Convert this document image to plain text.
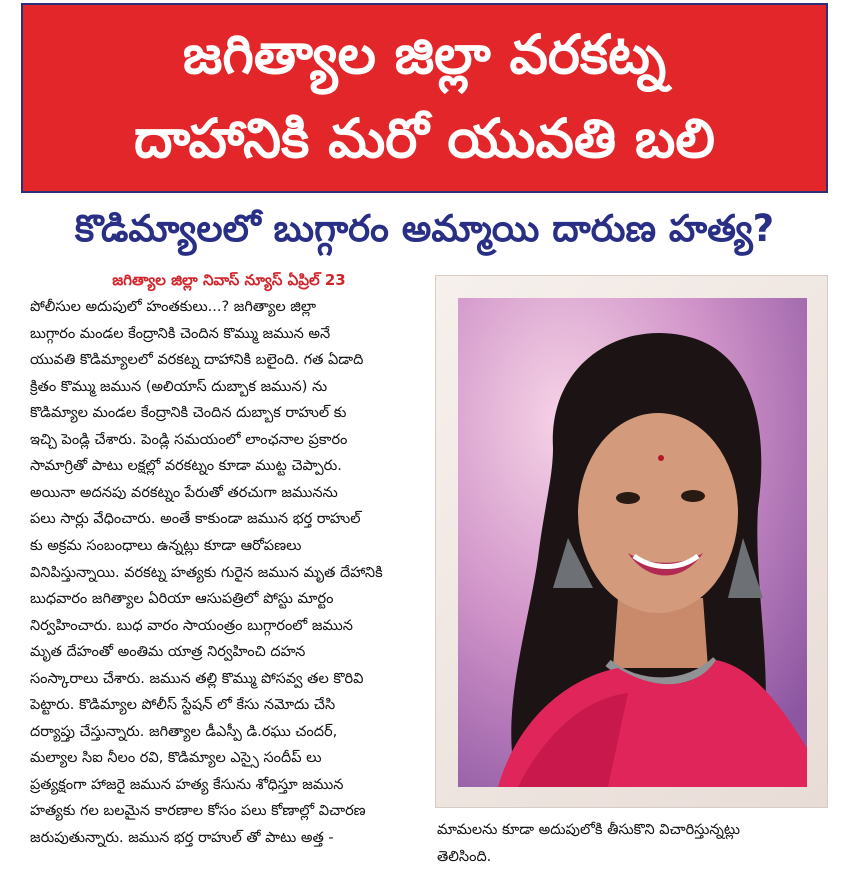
జగిత్యాల జిల్లా వరకట్న
దాహానికి మరో యువతి బలి
కొడిమ్యాలలో బుగ్గారం అమ్మాయి దారుణ హత్య?
జగిత్యాల జిల్లా నివాస్ న్యూస్ ఏప్రిల్ 23
పోలీసుల అదుపులో హంతకులు...? జగిత్యాల జిల్లా
బుగ్గారం మండల కేంద్రానికి చెందిన కొమ్ము జమున అనే
యువతి కొడిమ్యాలలో వరకట్న దాహానికి బలైంది. గత ఏడాది
క్రితం కొమ్ము జమున (అలియాస్ దుబ్బాక జమున) ను
కొడిమ్యాల మండల కేంద్రానికి చెందిన దుబ్బాక రాహుల్ కు
ఇచ్చి పెండ్లి చేశారు. పెండ్లి సమయంలో లాంఛనాల ప్రకారం
సామాగ్రితో పాటు లక్షల్లో వరకట్నం కూడా ముట్ట చెప్పారు.
అయినా అదనపు వరకట్నం పేరుతో తరచుగా జమునను
పలు సార్లు వేధించారు. అంతే కాకుండా జమున భర్త రాహుల్
కు అక్రమ సంబంధాలు ఉన్నట్లు కూడా ఆరోపణలు
వినిపిస్తున్నాయి. వరకట్న హత్యకు గురైన జమున మృత దేహానికి
బుధవారం జగిత్యాల ఏరియా ఆసుపత్రిలో పోస్టు మార్టం
నిర్వహించారు. బుధ వారం సాయంత్రం బుగ్గారంలో జమున
మృత దేహంతో అంతిమ యాత్ర నిర్వహించి దహన
సంస్కారాలు చేశారు. జమున తల్లి కొమ్ము పోసవ్వ తల కొరివి
పెట్టారు. కొడిమ్యాల పోలీస్ స్టేషన్ లో కేసు నమోదు చేసి
దర్యాప్తు చేస్తున్నారు. జగిత్యాల డీఎస్పీ డి.రఘు చందర్,
మల్యాల సిఐ నీలం రవి, కొడిమ్యాల ఎస్సై సందీప్ లు
ప్రత్యక్షంగా హాజరై జమున హత్య కేసును శోధిస్తూ జమున
హత్యకు గల బలమైన కారణాల కోసం పలు కోణాల్లో విచారణ
జరుపుతున్నారు. జమున భర్త రాహుల్ తో పాటు అత్త -	మామలను కూడా అదుపులోకి తీసుకొని విచారిస్తున్నట్లు
తెలిసింది.
